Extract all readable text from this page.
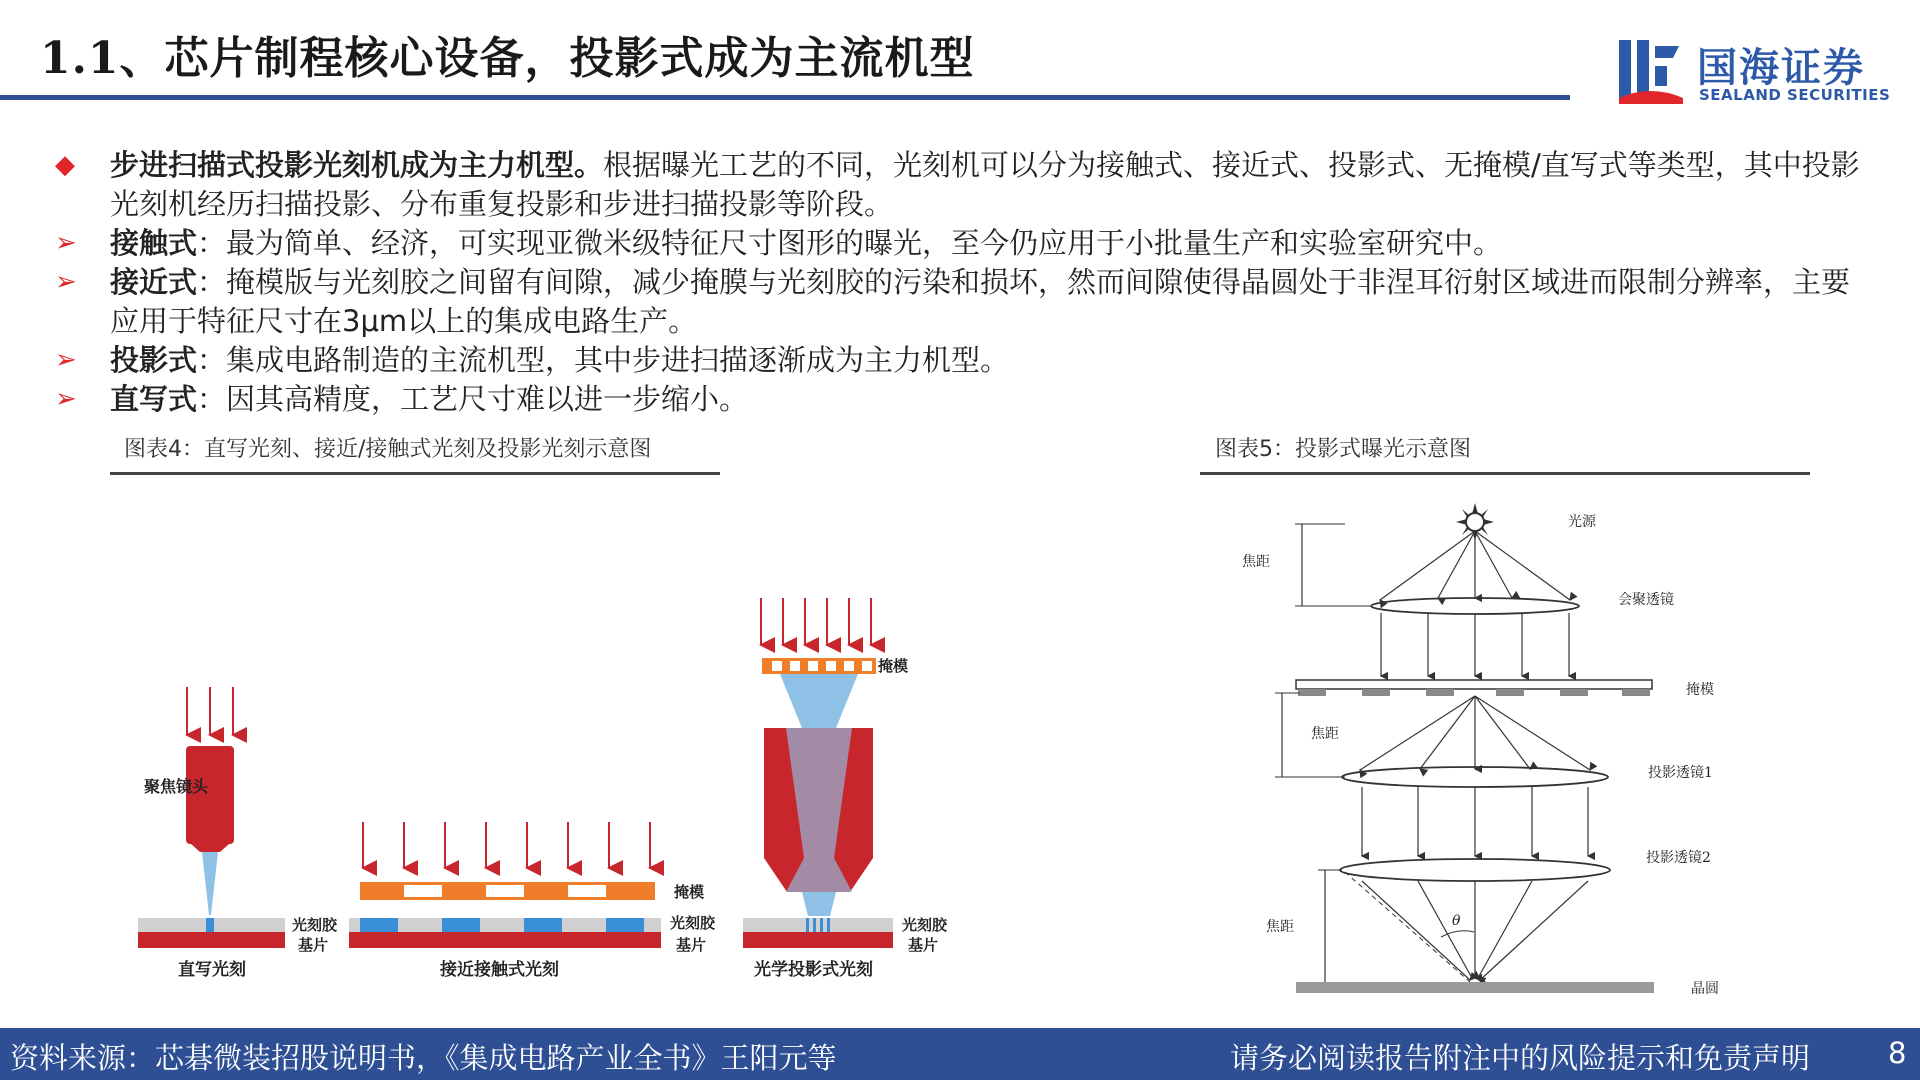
1.1、芯片制程核心设备，投影式成为主流机型	国海证券
SEALAND SECURITIES
◆ 步进扫描式投影光刻机成为主力机型。根据曝光工艺的不同，光刻机可以分为接触式、接近式、投影式、无掩模/直写式等类型，其中投影光刻机经历扫描投影、分布重复投影和步进扫描投影等阶段。
➢ 接触式：最为简单、经济，可实现亚微米级特征尺寸图形的曝光，至今仍应用于小批量生产和实验室研究中。
➢ 接近式：掩模版与光刻胶之间留有间隙，减少掩膜与光刻胶的污染和损坏，然而间隙使得晶圆处于非涅耳衍射区域进而限制分辨率，主要应用于特征尺寸在3μm以上的集成电路生产。
➢ 投影式：集成电路制造的主流机型，其中步进扫描逐渐成为主力机型。
➢ 直写式：因其高精度，工艺尺寸难以进一步缩小。
图表4：直写光刻、接近/接触式光刻及投影光刻示意图	图表5：投影式曝光示意图
聚焦镜头
光刻胶
基片
直写光刻
掩模
光刻胶
基片
接近接触式光刻
掩模
光刻胶
基片
光学投影式光刻
光源
焦距
会聚透镜
掩模
焦距
投影透镜1
投影透镜2
焦距	θ
晶圆
资料来源：芯碁微装招股说明书，《集成电路产业全书》王阳元等	请务必阅读报告附注中的风险提示和免责声明	8
